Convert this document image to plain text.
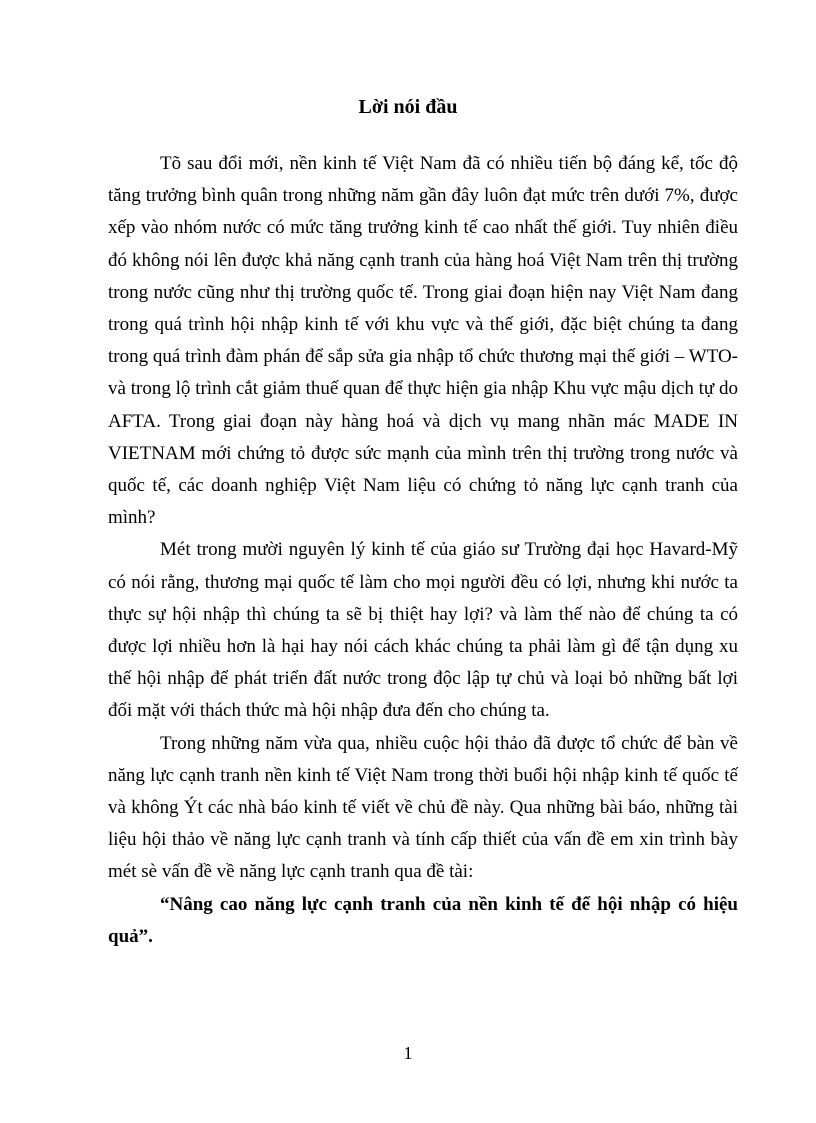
Lời nói đầu

Tõ sau đổi mới, nền kinh tế Việt Nam đã có nhiều tiến bộ đáng kể, tốc độ tăng trưởng bình quân trong những năm gần đây luôn đạt mức trên dưới 7%, được xếp vào nhóm nước có mức tăng trưởng kinh tế cao nhất thế giới. Tuy nhiên điều đó không nói lên được khả năng cạnh tranh của hàng hoá Việt Nam trên thị trường trong nước cũng như thị trường quốc tế. Trong giai đoạn hiện nay Việt Nam đang trong quá trình hội nhập kinh tế với khu vực và thế giới, đặc biệt chúng ta đang trong quá trình đàm phán để sắp sửa gia nhập tổ chức thương mại thế giới – WTO- và trong lộ trình cắt giảm thuế quan để thực hiện gia nhập Khu vực mậu dịch tự do AFTA. Trong giai đoạn này hàng hoá và dịch vụ mang nhãn mác MADE IN VIETNAM mới chứng tỏ được sức mạnh của mình trên thị trường trong nước và quốc tế, các doanh nghiệp Việt Nam liệu có chứng tỏ năng lực cạnh tranh của mình?

Mét trong mười nguyên lý kinh tế của giáo sư Trường đại học Havard-Mỹ có nói rằng, thương mại quốc tế làm cho mọi người đều có lợi, nhưng khi nước ta thực sự hội nhập thì chúng ta sẽ bị thiệt hay lợi? và làm thế nào để chúng ta có được lợi nhiều hơn là hại hay nói cách khác chúng ta phải làm gì để tận dụng xu thế hội nhập để phát triển đất nước trong độc lập tự chủ và loại bỏ những bất lợi đối mặt với thách thức mà hội nhập đưa đến cho chúng ta.

Trong những năm vừa qua, nhiều cuộc hội thảo đã được tổ chức để bàn về năng lực cạnh tranh nền kinh tế Việt Nam trong thời buổi hội nhập kinh tế quốc tế và không Ýt các nhà báo kinh tế viết về chủ đề này. Qua những bài báo, những tài liệu hội thảo về năng lực cạnh tranh và tính cấp thiết của vấn đề em xin trình bày mét sè vấn đề về năng lực cạnh tranh qua đề tài:

“Nâng cao năng lực cạnh tranh của nền kinh tế để hội nhập có hiệu quả”.

1
